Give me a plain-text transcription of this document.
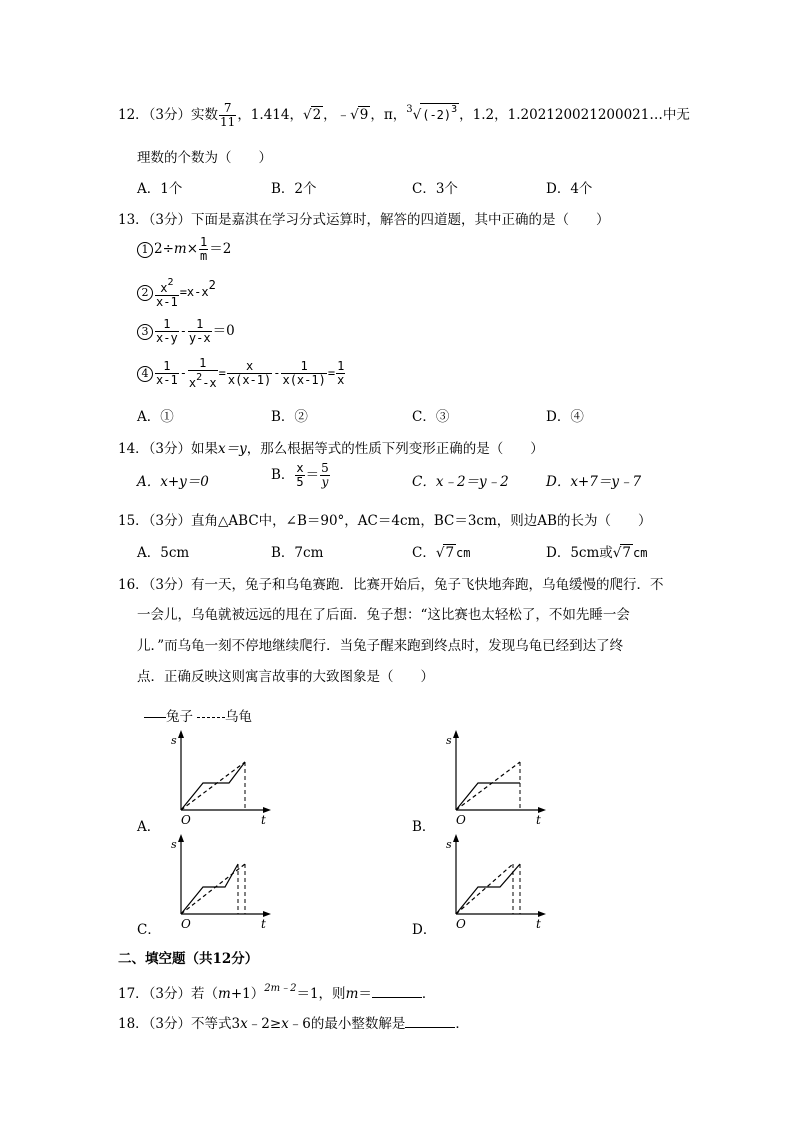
12．（3分）实数 $\frac{7}{11}$ ，1.414，√2 ，﹣√9 ，π，$^3√(-2)^3$ ，1.2，1.202120021200021…中无
理数的个数为（　　）
A．1个	B．2个	C．3个	D．4个
13．（3分）下面是嘉淇在学习分式运算时，解答的四道题，其中正确的是（　　）
1 $2\div m\times \frac{1}{m} =2$
$2 \frac{x^2}{x-1} =x-x2$
$3 \frac{1}{x-y} - \frac{1}{y-x} =0$
$4 \frac{1}{x-1} - \frac{1}{x^2-x} = \frac{x}{x(x-1)} - \frac{1}{x(x-1)} = \frac{1}{x}$
A．①	B．②	C．③	D．④
14．（3分）如果x＝y，那么根据等式的性质下列变形正确的是（　　）
A．x+y＝0	B． $\frac{x}{5} = \frac{5}{y}$	C．x﹣2＝y﹣2	D．x+7＝y﹣7
15．（3分）直角△ABC中，∠B＝90°，AC＝4cm，BC＝3cm，则边AB的长为（　　）
A．5cm	B．7cm	C．√7 cm	D．5cm或√7 cm
16．（3分）有一天，兔子和乌龟赛跑．比赛开始后，兔子飞快地奔跑，乌龟缓慢的爬行．不
一会儿，乌龟就被远远的甩在了后面．兔子想：“这比赛也太轻松了，不如先睡一会
儿．”而乌龟一刻不停地继续爬行．当兔子醒来跑到终点时，发现乌龟已经到达了终
点．正确反映这则寓言故事的大致图象是（　　）
兔子 乌龟
A．	B．
C．	D．
s
t
O
s
t
O
s
t
O
s
t
O
二、填空题（共12分）
17．（3分）若$(m+1)^{2m﹣2}=1$，则m＝	．
18．（3分）不等式3x﹣2≥x﹣6的最小整数解是	．
